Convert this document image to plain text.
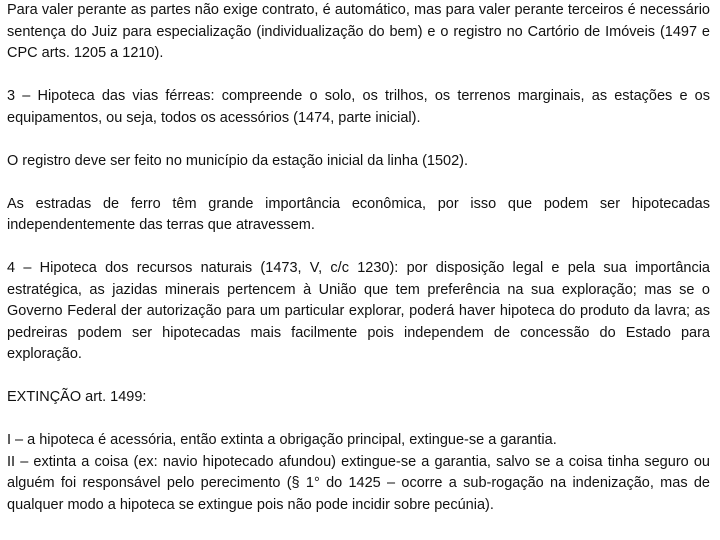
Para valer perante as partes não exige contrato, é automático, mas para valer perante terceiros é necessário sentença do Juiz para especialização (individualização do bem) e o registro no Cartório de Imóveis (1497 e CPC arts. 1205 a 1210).

3 – Hipoteca das vias férreas: compreende o solo, os trilhos, os terrenos marginais, as estações e os equipamentos, ou seja, todos os acessórios (1474, parte inicial).

O registro deve ser feito no município da estação inicial da linha (1502).

As estradas de ferro têm grande importância econômica, por isso que podem ser hipotecadas independentemente das terras que atravessem.

4 – Hipoteca dos recursos naturais (1473, V, c/c 1230): por disposição legal e pela sua importância estratégica, as jazidas minerais pertencem à União que tem preferência na sua exploração; mas se o Governo Federal der autorização para um particular explorar, poderá haver hipoteca do produto da lavra; as pedreiras podem ser hipotecadas mais facilmente pois independem de concessão do Estado para exploração.

EXTINÇÃO art. 1499:

I – a hipoteca é acessória, então extinta a obrigação principal, extingue-se a garantia.

II – extinta a coisa (ex: navio hipotecado afundou) extingue-se a garantia, salvo se a coisa tinha seguro ou alguém foi responsável pelo perecimento (§ 1° do 1425 – ocorre a sub-rogação na indenização, mas de qualquer modo a hipoteca se extingue pois não pode incidir sobre pecúnia).
